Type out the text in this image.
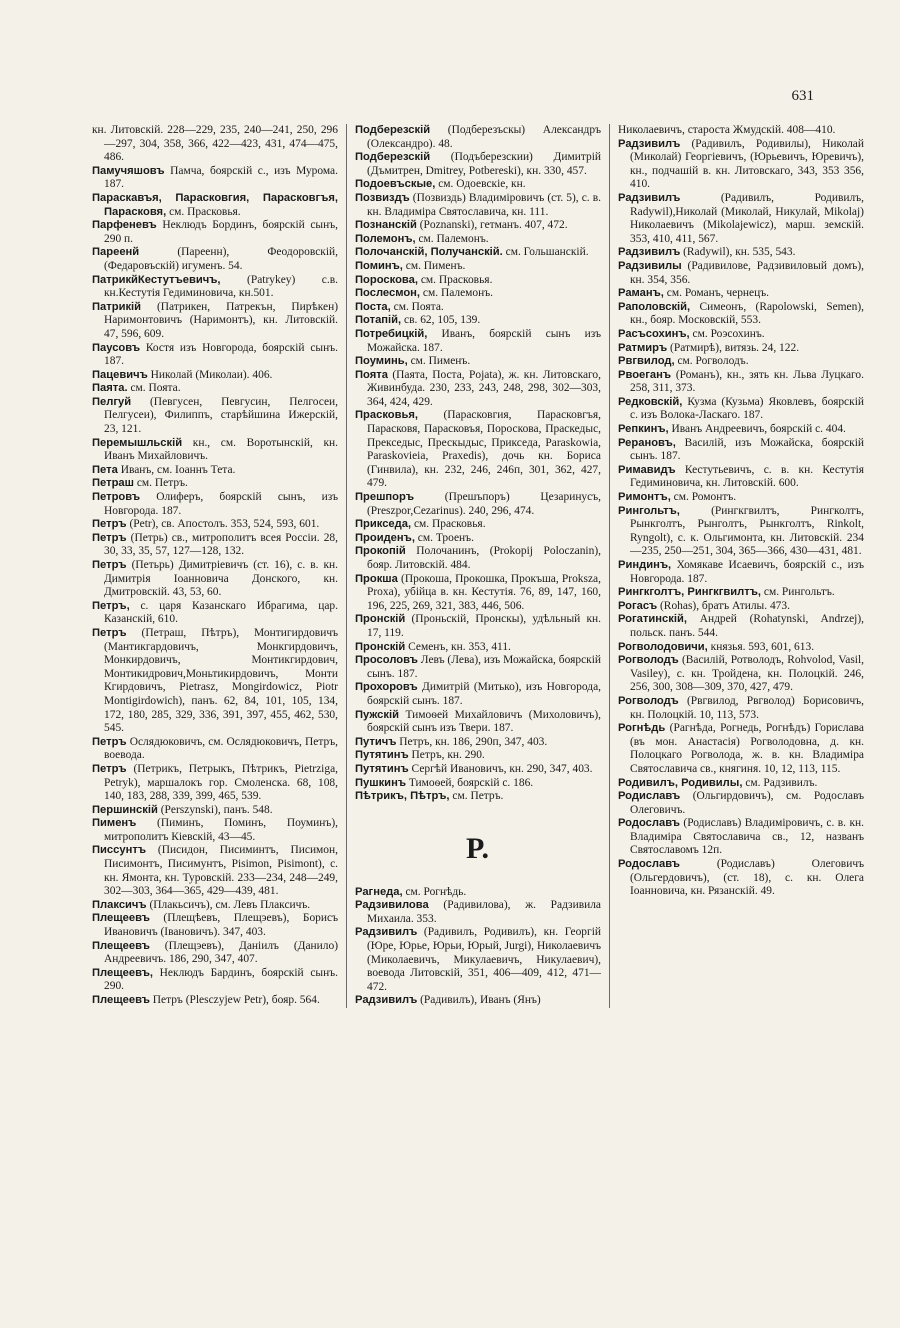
631

кн. Литовскій. 228—229, 235, 240—241, 250, 296—297, 304, 358, 366, 422—423, 431, 474—475, 486.

Памучяшовъ Памча, боярскій с., изъ Мурома. 187.

Параскавъя, Парасковгия, Парасковгъя, Парасковя, см. Прасковья.

Парфеневъ Неклюдъ Бординъ, боярскій сынъ, 290 п.

Пареенй	(Пареенн), Феодоровскій, (Федаровъскій) игуменъ. 54.

ПатрикйКестутъевичъ, (Patrykey) с.в. кн.Кестутія Гедиминовича, кн.501.

Патрикій (Патрикен, Патрекън, Пирѣкен) Наримонтовичъ (Наримонтъ), кн. Литовскій. 47, 596, 609.

Паусовъ Костя изъ Новгорода, боярскій сынъ. 187.

Пацевичъ Николай (Миколаи). 406.

Паята. см. Поята.

Пелгуй (Певгусен, Певгусин, Пелгосеи, Пелгусеи), Филиппъ, старѣйшина Ижерскій, 23, 121.

Перемышльскій кн., см. Воротынскій, кн. Иванъ Михайловичъ.

Пета Иванъ, см. Іоаннъ Тета.

Петраш см. Петръ.

Петровъ Олиферъ, боярскій сынъ, изъ Новгорода. 187.

Петръ (Petr), св. Апостолъ. 353, 524, 593, 601.

Петръ (Петрь) св., митрополитъ всея Россіи. 28, 30, 33, 35, 57, 127—128, 132.

Петръ (Петьрь) Димитріевичъ (ст. 16), с. в. кн. Димитрія Іоанновича Донского, кн. Дмитровскій. 43, 53, 60.

Петръ, с. царя Казанскаго Ибрагима, цар. Казанскій, 610.

Петръ (Петраш, Пѣтръ), Монтигирдовичъ (Мантикгардовичъ, Монкгирдовичъ, Монкирдовичъ, Монтикгирдович, Монтикидрович,Моньтикирдовичъ, Монти Кгирдовичъ, Pietrasz, Mongirdowicz, Piotr Montigirdowich), панъ. 62, 84, 101, 105, 134, 172, 180, 285, 329, 336, 391, 397, 455, 462, 530, 545.

Петръ Ослядюковичъ, см. Ослядюковичъ, Петръ, воевода.

Петръ (Петрикъ, Петрыкъ, Пѣтрикъ, Pietrziga, Petryk), маршалокъ гор. Смоленска. 68, 108, 140, 183, 288, 339, 399, 465, 539.

Першинскій (Perszynski), панъ. 548.

Пименъ (Пиминъ, Поминъ, Поуминъ), митрополитъ Кіевскій, 43—45.

Писсунтъ (Писидон, Писиминтъ, Писимон, Писимонтъ, Писимунтъ, Pisimon, Pisimont), с. кн. Ямонта, кн. Туровскій. 233—234, 248—249, 302—303, 364—365, 429—439, 481.

Плаксичъ (Плакьсичъ), см. Левъ Плаксичъ.

Плещеевъ (Плещѣевъ, Плещэевъ), Борисъ Ивановичъ (Івановичъ). 347, 403.

Плещеевъ (Плещэевъ), Даніилъ (Данило) Андреевичъ. 186, 290, 347, 407.

Плещеевъ, Неклюдъ Бардинъ, боярскій сынъ. 290.

Плещеевъ Петръ (Plesczyjew Petr), бояр. 564.

Подберезскій (Подберезъскы) Александръ (Олександро). 48.

Подберезскій (Подъберезскии) Димитрій (Дъмитрен, Dmitrey, Potbereski), кн. 330, 457.

Подоевъскые, см. Одоевскіе, кн.

Позвиздъ (Позвиздь) Владиміровичъ (ст. 5), с. в. кн. Владиміра Святославича, кн. 111.

Познанскій (Poznanski), гетманъ. 407, 472.

Полемонъ, см. Палемонъ.

Полочанскій, Получанскій. см. Гольшанскій.

Поминъ, см. Пименъ.

Пороскова, см. Прасковья.

Послесмон, см. Палемонъ.

Поста, см. Поята.

Потапій, св. 62, 105, 139.

Потребицкій, Иванъ, боярскій сынъ изъ Можайска. 187.

Поуминь, см. Пименъ.

Поята (Паята, Поста, Pojata), ж. кн. Литовскаго, Живинбуда. 230, 233, 243, 248, 298, 302—303, 364, 424, 429.

Прасковья, (Парасковгия, Парасковгъя, Парасковя, Парасковъя, Пороскова, Праскедыс, Прекседыс, Прескыдыс, Прикседа, Paraskowia, Paraskovieia, Praxedis), дочь кн. Бориса (Гинвила), кн. 232, 246, 246п, 301, 362, 427, 479.

Прешпоръ	(Прешъпоръ) Цезаринусъ, (Preszpor,Cezarinus). 240, 296, 474.

Прикседа, см. Прасковья.

Проиденъ, см. Троенъ.

Прокопій Полочанинъ, (Prokopij Poloczanin), бояр. Литовскій. 484.

Прокша (Прокоша, Прокошка, Прокъша, Proksza, Proxa), убійца в. кн. Кестутія. 76, 89, 147, 160, 196, 225, 269, 321, 383, 446, 506.

Пронскій (Проньскій, Пронскы), удѣльный кн. 17, 119.

Пронскій Семенъ, кн. 353, 411.

Просоловъ Левъ (Лева), изъ Можайска, боярскій сынъ. 187.

Прохоровъ Димитрій (Митько), изъ Новгорода, боярскій сынъ. 187.

Пужскій Тимоѳей Михайловичъ (Михоловичъ), боярскій сынъ изъ Твери. 187.

Путичъ Петръ, кн. 186, 290п, 347, 403.

Путятинъ Петръ, кн. 290.

Путятинъ Сергѣй Ивановичъ, кн. 290, 347, 403.

Пушкинъ Тимоѳей, боярскій с. 186.

Пѣтрикъ, Пѣтръ, см. Петръ.

Р.

Рагнеда, см. Рогнѣдь.

Радзивилова (Радивилова), ж. Радзивила Михаила. 353.

Радзивилъ (Радивилъ, Родивилъ), кн. Георгій (Юре, Юрье, Юрьи, Юрый, Jurgi), Николаевичъ (Миколаевичъ, Микулаевичъ, Никулаевич), воевода Литовскій, 351, 406—409, 412, 471—472.

Радзивилъ (Радивилъ), Иванъ (Янъ)

Николаевичъ, староста Жмудскій. 408—410.

Радзивилъ (Радивилъ, Родивилы), Николай (Миколай) Георгіевичъ, (Юрьевичъ, Юревичъ), кн., подчашій в. кн. Литовскаго, 343, 353 356, 410.

Радзивилъ	(Радивилъ, Родивилъ, Radywil),Николай (Миколай, Никулай, Mikolaj) Николаевичъ (Mikolajewicz), марш. земскій. 353, 410, 411, 567.

Радзивилъ (Radywil), кн. 535, 543.

Радзивилы (Радивилове, Радзивиловый домъ), кн. 354, 356.

Раманъ, см. Романъ, чернецъ.

Раполовскій, Симеонъ, (Rapolowski, Semen), кн., бояр. Московскій, 553.

Расъсохинъ, см. Роэсохинъ.

Ратмиръ (Ратмирѣ), витязь. 24, 122.

Рвгвилод, см. Рогволодъ.

Рвоеганъ (Романъ), кн., зять кн. Льва Луцкаго. 258, 311, 373.

Редковскій, Кузма (Кузьма) Яковлевъ, боярскій с. изъ Волока-Ласкаго. 187.

Репкинъ, Иванъ Андреевичъ, боярскій с. 404.

Рерановъ, Василій, изъ Можайска, боярскій сынъ. 187.

Римавидъ Кестутьевичъ, с. в. кн. Кестутія Гедиминовича, кн. Литовскій. 600.

Римонтъ, см. Ромонтъ.

Рингольтъ,	(Рингкгвилтъ, Рингколтъ, Рынкголтъ, Рынголтъ, Рынкголтъ, Rinkolt, Ryngolt), с. к. Ольгимонта, кн. Литовскій. 234—235, 250—251, 304, 365—366, 430—431, 481.

Риндинъ, Хомякаве Исаевичъ, боярскій с., изъ Новгорода. 187.

Рингкголтъ, Рингкгвилтъ, см. Рингольтъ.

Рогасъ (Rohas), братъ Атилы. 473.

Рогатинскій, Андрей (Rohatynski, Andrzej), польск. панъ. 544.

Рогволодовичи, князья. 593, 601, 613.

Рогволодъ (Василій, Ротволодъ, Rohvolod, Vasil, Vasiley), с. кн. Тройдена, кн. Полоцкій. 246, 256, 300, 308—309, 370, 427, 479.

Рогволодъ (Рвгвилод, Рвгволод) Борисовичъ, кн. Полоцкій. 10, 113, 573.

Рогнѣдь (Рагнѣда, Рогнедь, Рогнѣдъ) Горислава (въ мон. Анастасія) Рогволодовна, д. кн. Полоцкаго Рогволода, ж. в. кн. Владиміра Святославича св., княгиня. 10, 12, 113, 115.

Родивилъ, Родивилы, см. Радзивилъ.

Родиславъ (Ольгирдовичъ), см. Родославъ Олеговичъ.

Родославъ (Родиславъ) Владиміровичъ, с. в. кн. Владиміра Святославича св., 12, названъ Святославомъ 12п.

Родославъ	(Родиславъ) Олеговичъ (Ольгердовичъ), (ст. 18), с. кн. Олега Іоанновича, кн. Рязанскій. 49.
